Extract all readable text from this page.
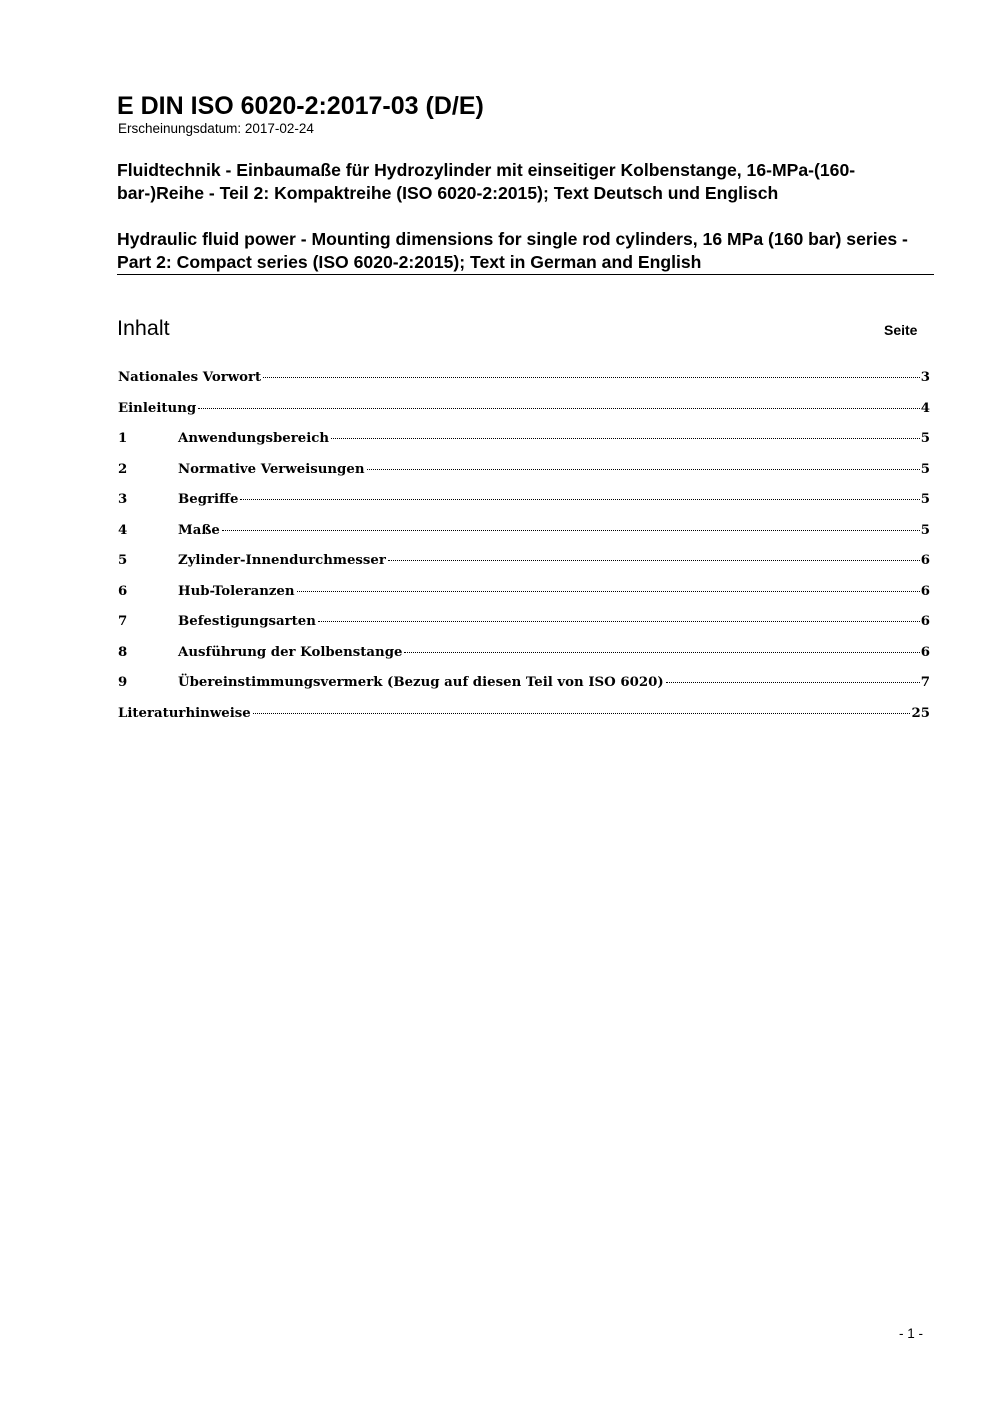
E DIN ISO 6020-2:2017-03 (D/E)
Erscheinungsdatum: 2017-02-24
Fluidtechnik - Einbaumaße für Hydrozylinder mit einseitiger Kolbenstange, 16-MPa-(160-bar-)Reihe - Teil 2: Kompaktreihe (ISO 6020-2:2015); Text Deutsch und Englisch
Hydraulic fluid power - Mounting dimensions for single rod cylinders, 16 MPa (160 bar) series - Part 2: Compact series (ISO 6020-2:2015); Text in German and English
Inhalt	Seite
Nationales Vorwort	3
Einleitung	4
1	Anwendungsbereich	5
2	Normative Verweisungen	5
3	Begriffe	5
4	Maße	5
5	Zylinder-Innendurchmesser	6
6	Hub-Toleranzen	6
7	Befestigungsarten	6
8	Ausführung der Kolbenstange	6
9	Übereinstimmungsvermerk (Bezug auf diesen Teil von ISO 6020)	7
Literaturhinweise	25
- 1 -
